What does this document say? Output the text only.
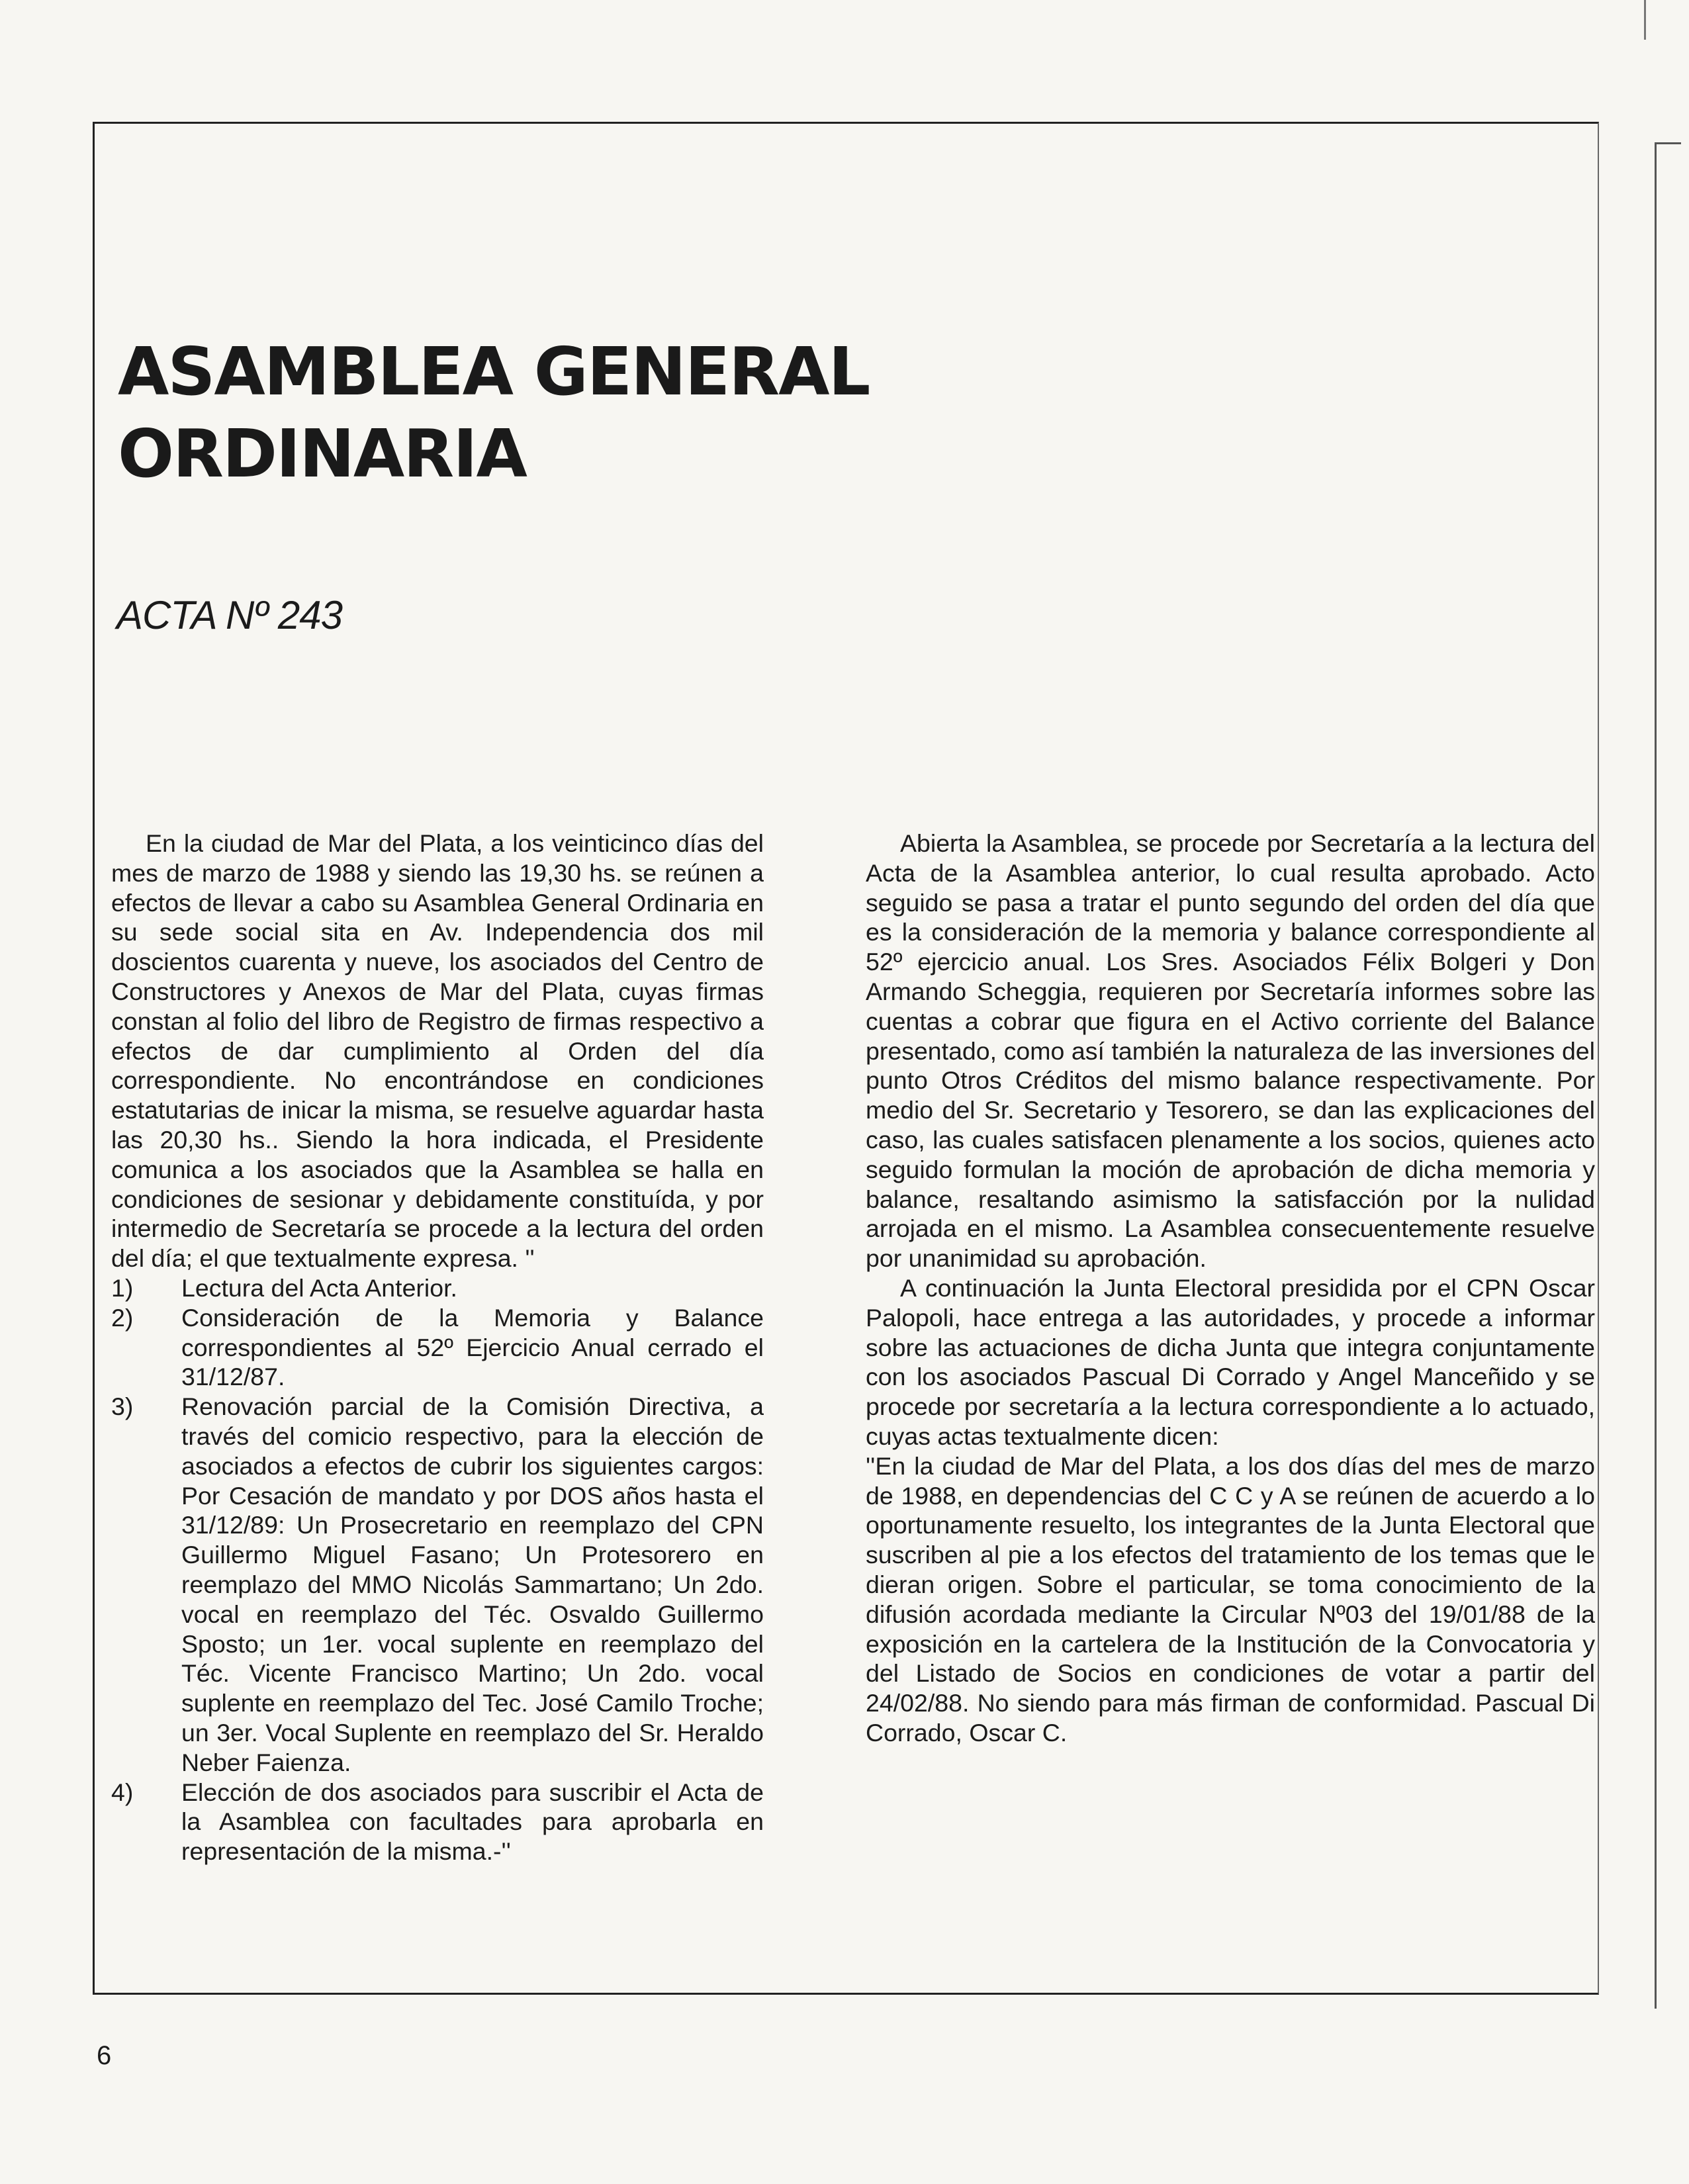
ASAMBLEA GENERAL
ORDINARIA
ACTA Nº 243

En la ciudad de Mar del Plata, a los veinticinco días del mes de marzo de 1988 y siendo las 19,30 hs. se reúnen a efectos de llevar a cabo su Asamblea General Ordinaria en su sede social sita en Av. Independencia dos mil doscientos cuarenta y nueve, los asociados del Centro de Constructores y Anexos de Mar del Plata, cuyas firmas constan al folio del libro de Registro de firmas respectivo a efectos de dar cumplimiento al Orden del día correspondiente. No encontrándose en condiciones estatutarias de inicar la misma, se resuelve aguardar hasta las 20,30 hs.. Siendo la hora indicada, el Presidente comunica a los asociados que la Asamblea se halla en condiciones de sesionar y debidamente constituída, y por intermedio de Secretaría se procede a la lectura del orden del día; el que textualmente expresa. ''

1)	Lectura del Acta Anterior.
2)	Consideración de la Memoria y Balance correspondientes al 52º Ejercicio Anual cerrado el 31/12/87.
3)	Renovación parcial de la Comisión Directiva, a través del comicio respectivo, para la elección de asociados a efectos de cubrir los siguientes cargos: Por Cesación de mandato y por DOS años hasta el 31/12/89: Un Prosecretario en reemplazo del CPN Guillermo Miguel Fasano; Un Protesorero en reemplazo del MMO Nicolás Sammartano; Un 2do. vocal en reemplazo del Téc. Osvaldo Guillermo Sposto; un 1er. vocal suplente en reemplazo del Téc. Vicente Francisco Martino; Un 2do. vocal suplente en reemplazo del Tec. José Camilo Troche; un 3er. Vocal Suplente en reemplazo del Sr. Heraldo Neber Faienza.
4)	Elección de dos asociados para suscribir el Acta de la Asamblea con facultades para aprobarla en representación de la misma.-''

Abierta la Asamblea, se procede por Secretaría a la lectura del Acta de la Asamblea anterior, lo cual resulta aprobado. Acto seguido se pasa a tratar el punto segundo del orden del día que es la consideración de la memoria y balance correspondiente al 52º ejercicio anual. Los Sres. Asociados Félix Bolgeri y Don Armando Scheggia, requieren por Secretaría informes sobre las cuentas a cobrar que figura en el Activo corriente del Balance presentado, como así también la naturaleza de las inversiones del punto Otros Créditos del mismo balance respectivamente. Por medio del Sr. Secretario y Tesorero, se dan las explicaciones del caso, las cuales satisfacen plenamente a los socios, quienes acto seguido formulan la moción de aprobación de dicha memoria y balance, resaltando asimismo la satisfacción por la nulidad arrojada en el mismo. La Asamblea consecuentemente resuelve por unanimidad su aprobación.

A continuación la Junta Electoral presidida por el CPN Oscar Palopoli, hace entrega a las autoridades, y procede a informar sobre las actuaciones de dicha Junta que integra conjuntamente con los asociados Pascual Di Corrado y Angel Manceñido y se procede por secretaría a la lectura correspondiente a lo actuado, cuyas actas textualmente dicen:

''En la ciudad de Mar del Plata, a los dos días del mes de marzo de 1988, en dependencias del C C y A se reúnen de acuerdo a lo oportunamente resuelto, los integrantes de la Junta Electoral que suscriben al pie a los efectos del tratamiento de los temas que le dieran origen. Sobre el particular, se toma conocimiento de la difusión acordada mediante la Circular Nº03 del 19/01/88 de la exposición en la cartelera de la Institución de la Convocatoria y del Listado de Socios en condiciones de votar a partir del 24/02/88. No siendo para más firman de conformidad. Pascual Di Corrado, Oscar C.

6
